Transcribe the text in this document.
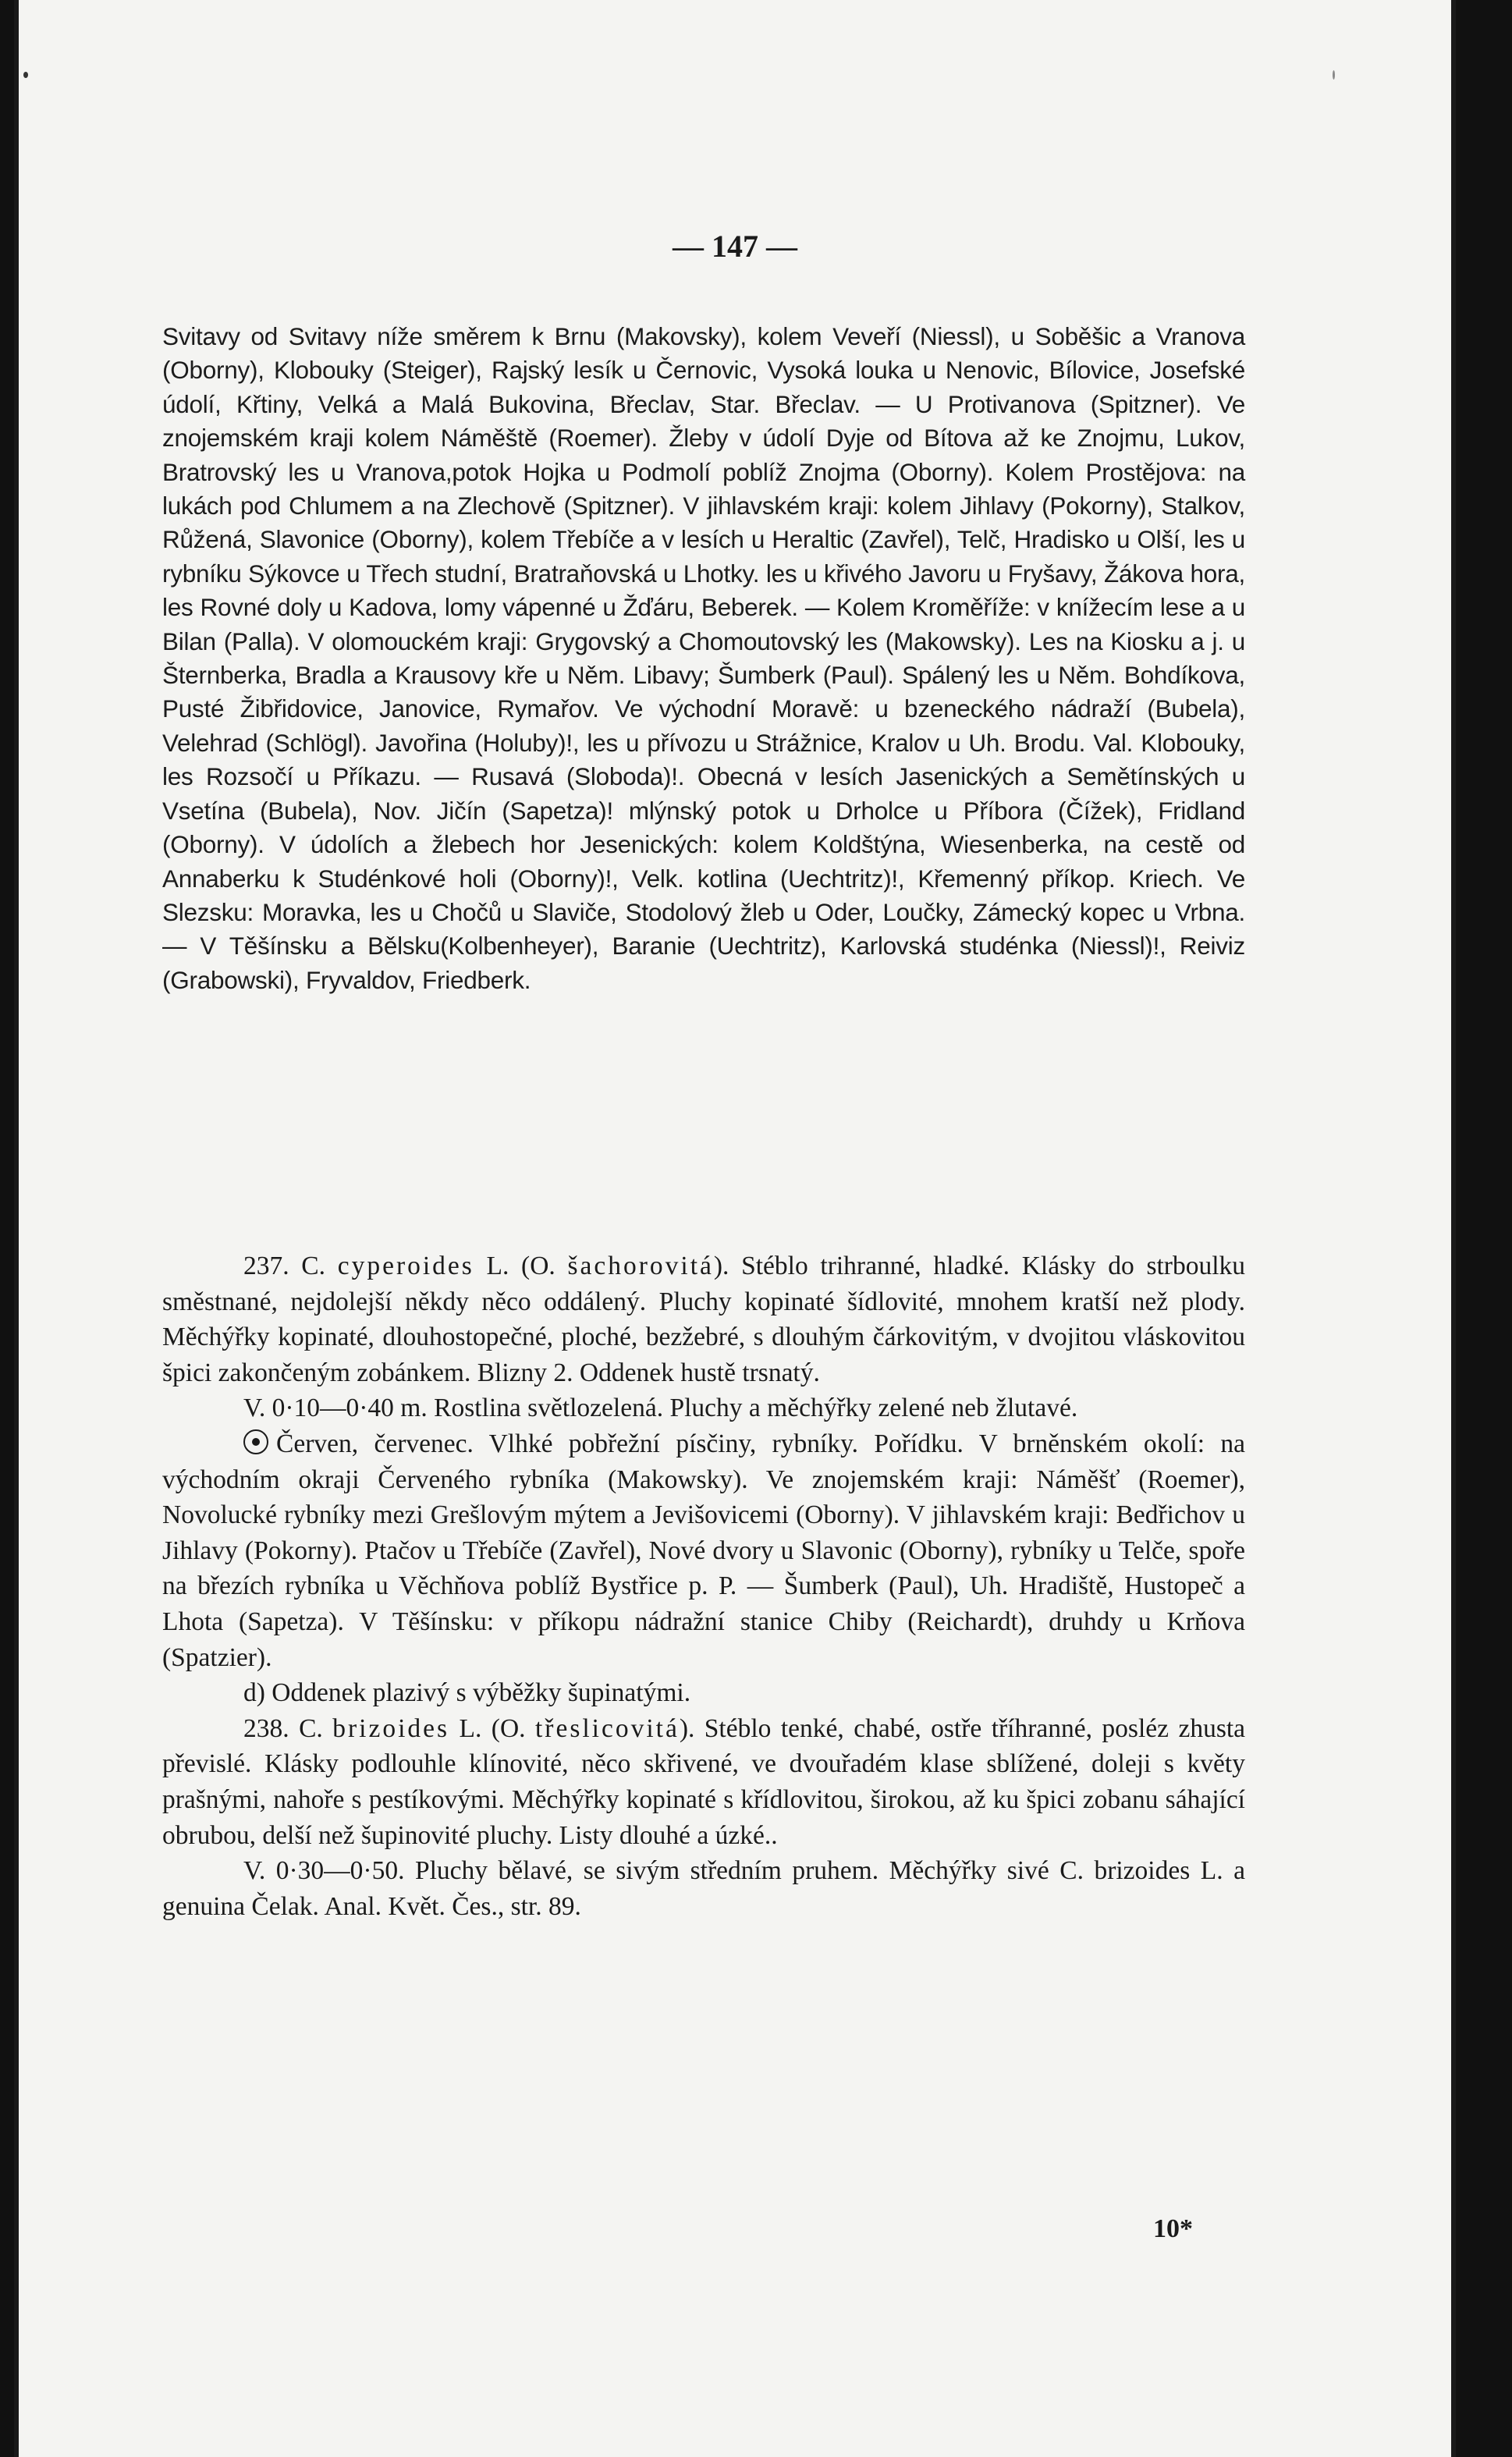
— 147 —

Svitavy od Svitavy níže směrem k Brnu (Makovsky), kolem Veveří (Niessl), u Soběšic a Vranova (Oborny), Klobouky (Steiger), Rajský lesík u Černovic, Vysoká louka u Nenovic, Bílovice, Josefské údolí, Křtiny, Velká a Malá Bukovina, Břeclav, Star. Břeclav. — U Protivanova (Spitzner). Ve znojemském kraji kolem Náměště (Roemer). Žleby v údolí Dyje od Bítova až ke Znojmu, Lukov, Bratrovský les u Vranova,potok Hojka u Podmolí poblíž Znojma (Oborny). Kolem Prostějova: na lukách pod Chlumem a na Zlechově (Spitzner). V jihlavském kraji: kolem Jihlavy (Pokorny), Stalkov, Růžená, Slavonice (Oborny), kolem Třebíče a v lesích u Heraltic (Zavřel), Telč, Hradisko u Olší, les u rybníku Sýkovce u Třech studní, Bratraňovská u Lhotky. les u křivého Javoru u Fryšavy, Žákova hora, les Rovné doly u Kadova, lomy vápenné u Žďáru, Beberek. — Kolem Kroměříže: v knížecím lese a u Bilan (Palla). V olomouckém kraji: Grygovský a Chomoutovský les (Makowsky). Les na Kiosku a j. u Šternberka, Bradla a Krausovy kře u Něm. Libavy; Šumberk (Paul). Spálený les u Něm. Bohdíkova, Pusté Žibřidovice, Janovice, Rymařov. Ve východní Moravě: u bzeneckého nádraží (Bubela), Velehrad (Schlögl). Javořina (Holuby)!, les u přívozu u Strážnice, Kralov u Uh. Brodu. Val. Klobouky, les Rozsočí u Příkazu. — Rusavá (Sloboda)!. Obecná v lesích Jasenických a Semětínských u Vsetína (Bubela), Nov. Jičín (Sapetza)! mlýnský potok u Drholce u Příbora (Čížek), Fridland (Oborny). V údolích a žlebech hor Jesenických: kolem Koldštýna, Wiesenberka, na cestě od Annaberku k Studénkové holi (Oborny)!, Velk. kotlina (Uechtritz)!, Křemenný příkop. Kriech. Ve Slezsku: Moravka, les u Chočů u Slaviče, Stodolový žleb u Oder, Loučky, Zámecký kopec u Vrbna. — V Těšínsku a Bělsku(Kolbenheyer), Baranie (Uechtritz), Karlovská studénka (Niessl)!, Reiviz (Grabowski), Fryvaldov, Friedberk.

237. C. cyperoides L. (O. šachorovitá). Stéblo trihranné, hladké. Klásky do strboulku směstnané, nejdolejší někdy něco oddálený. Pluchy kopinaté šídlovité, mnohem kratší než plody. Měchýřky kopinaté, dlouhostopečné, ploché, bezžebré, s dlouhým čárkovitým, v dvojitou vláskovitou špici zakončeným zobánkem. Blizny 2. Oddenek hustě trsnatý.

V. 0·10—0·40 m. Rostlina světlozelená. Pluchy a měchýřky zelené neb žlutavé.

Červen, červenec. Vlhké pobřežní písčiny, rybníky. Pořídku. V brněnském okolí: na východním okraji Červeného rybníka (Makowsky). Ve znojemském kraji: Náměšť (Roemer), Novolucké rybníky mezi Grešlovým mýtem a Jevišovicemi (Oborny). V jihlavském kraji: Bedřichov u Jihlavy (Pokorny). Ptačov u Třebíče (Zavřel), Nové dvory u Slavonic (Oborny), rybníky u Telče, spoře na březích rybníka u Věchňova poblíž Bystřice p. P. — Šumberk (Paul), Uh. Hradiště, Hustopeč a Lhota (Sapetza). V Těšínsku: v příkopu nádražní stanice Chiby (Reichardt), druhdy u Krňova (Spatzier).

d) Oddenek plazivý s výběžky šupinatými.

238. C. brizoides L. (O. třeslicovitá). Stéblo tenké, chabé, ostře tříhranné, posléz zhusta převislé. Klásky podlouhle klínovité, něco skřivené, ve dvouřadém klase sblížené, doleji s květy prašnými, nahoře s pestíkovými. Měchýřky kopinaté s křídlovitou, širokou, až ku špici zobanu sáhající obrubou, delší než šupinovité pluchy. Listy dlouhé a úzké..

V. 0·30—0·50. Pluchy bělavé, se sivým středním pruhem. Měchýřky sivé C. brizoides L. a genuina Čelak. Anal. Květ. Čes., str. 89.

10*
